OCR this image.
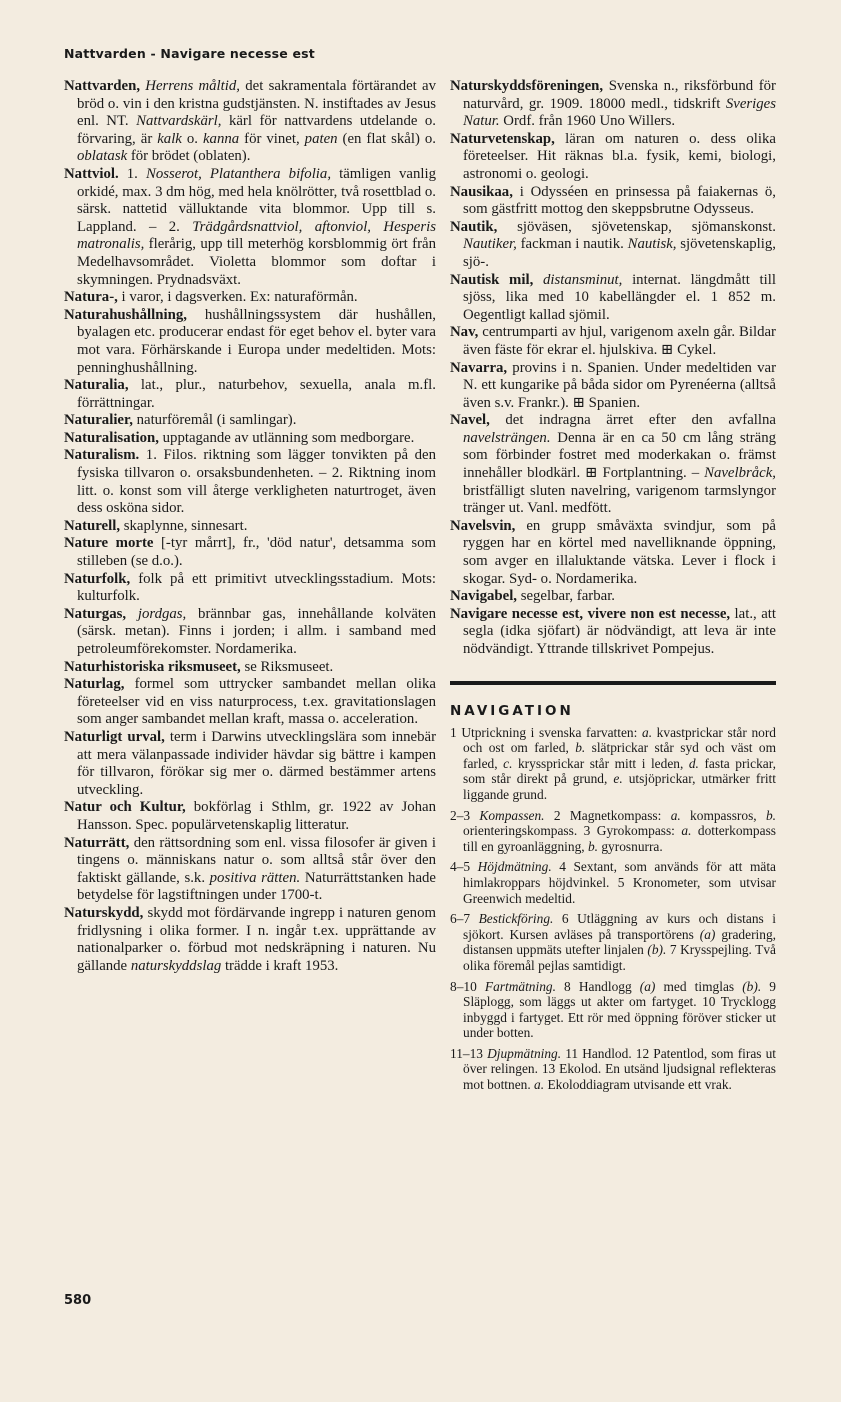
Nattvarden - Navigare necesse est
Nattvarden, Herrens måltid, det sakramentala förtärandet av bröd o. vin i den kristna gudstjänsten. N. instiftades av Jesus enl. NT. Nattvardskärl, kärl för nattvardens utdelande o. förvaring, är kalk o. kanna för vinet, paten (en flat skål) o. oblatask för brödet (oblaten).
Nattviol. 1. Nosserot, Platanthera bifolia, tämligen vanlig orkidé, max. 3 dm hög, med hela knölrötter, två rosettblad o. särsk. nattetid välluktande vita blommor. Upp till s. Lappland. – 2. Trädgårdsnattviol, aftonviol, Hesperis matronalis, flerårig, upp till meterhög korsblommig ört från Medelhavsområdet. Violetta blommor som doftar i skymningen. Prydnadsväxt.
Natura-, i varor, i dagsverken. Ex: naturaförmån.
Naturahushållning, hushållningssystem där hushållen, byalagen etc. producerar endast för eget behov el. byter vara mot vara. Förhärskande i Europa under medeltiden. Mots: penninghushållning.
Naturalia, lat., plur., naturbehov, sexuella, anala m.fl. förrättningar.
Naturalier, naturföremål (i samlingar).
Naturalisation, upptagande av utlänning som medborgare.
Naturalism. 1. Filos. riktning som lägger tonvikten på den fysiska tillvaron o. orsaksbundenheten. – 2. Riktning inom litt. o. konst som vill återge verkligheten naturtroget, även dess osköna sidor.
Naturell, skaplynne, sinnesart.
Nature morte [-tyr mårrt], fr., 'död natur', detsamma som stilleben (se d.o.).
Naturfolk, folk på ett primitivt utvecklingsstadium. Mots: kulturfolk.
Naturgas, jordgas, brännbar gas, innehållande kolväten (särsk. metan). Finns i jorden; i allm. i samband med petroleumförekomster. Nordamerika.
Naturhistoriska riksmuseet, se Riksmuseet.
Naturlag, formel som uttrycker sambandet mellan olika företeelser vid en viss naturprocess, t.ex. gravitationslagen som anger sambandet mellan kraft, massa o. acceleration.
Naturligt urval, term i Darwins utvecklingslära som innebär att mera välanpassade individer hävdar sig bättre i kampen för tillvaron, förökar sig mer o. därmed bestämmer artens utveckling.
Natur och Kultur, bokförlag i Sthlm, gr. 1922 av Johan Hansson. Spec. populärvetenskaplig litteratur.
Naturrätt, den rättsordning som enl. vissa filosofer är given i tingens o. människans natur o. som alltså står över den faktiskt gällande, s.k. positiva rätten. Naturrättstanken hade betydelse för lagstiftningen under 1700-t.
Naturskydd, skydd mot fördärvande ingrepp i naturen genom fridlysning i olika former. I n. ingår t.ex. upprättande av nationalparker o. förbud mot nedskräpning i naturen. Nu gällande naturskyddslag trädde i kraft 1953.
Naturskyddsföreningen, Svenska n., riksförbund för naturvård, gr. 1909. 18000 medl., tidskrift Sveriges Natur. Ordf. från 1960 Uno Willers.
Naturvetenskap, läran om naturen o. dess olika företeelser. Hit räknas bl.a. fysik, kemi, biologi, astronomi o. geologi.
Nausikaa, i Odysséen en prinsessa på faiakernas ö, som gästfritt mottog den skeppsbrutne Odysseus.
Nautik, sjöväsen, sjövetenskap, sjömanskonst. Nautiker, fackman i nautik. Nautisk, sjövetenskaplig, sjö-.
Nautisk mil, distansminut, internat. längdmått till sjöss, lika med 10 kabellängder el. 1 852 m. Oegentligt kallad sjömil.
Nav, centrumparti av hjul, varigenom axeln går. Bildar även fäste för ekrar el. hjulskiva. ⊞ Cykel.
Navarra, provins i n. Spanien. Under medeltiden var N. ett kungarike på båda sidor om Pyrenéerna (alltså även s.v. Frankr.). ⊞ Spanien.
Navel, det indragna ärret efter den avfallna navelsträngen. Denna är en ca 50 cm lång sträng som förbinder fostret med moderkakan o. främst innehåller blodkärl. ⊞ Fortplantning. – Navelbråck, bristfälligt sluten navelring, varigenom tarmslyngor tränger ut. Vanl. medfött.
Navelsvin, en grupp småväxta svindjur, som på ryggen har en körtel med navelliknande öppning, som avger en illaluktande vätska. Lever i flock i skogar. Syd- o. Nordamerika.
Navigabel, segelbar, farbar.
Navigare necesse est, vivere non est necesse, lat., att segla (idka sjöfart) är nödvändigt, att leva är inte nödvändigt. Yttrande tillskrivet Pompejus.
NAVIGATION
1 Utprickning i svenska farvatten: a. kvastprickar står nord och ost om farled, b. slätprickar står syd och väst om farled, c. kryssprickar står mitt i leden, d. fasta prickar, som står direkt på grund, e. utsjöprickar, utmärker fritt liggande grund.
2–3 Kompassen. 2 Magnetkompass: a. kompassros, b. orienteringskompass. 3 Gyrokompass: a. dotterkompass till en gyroanläggning, b. gyrosnurra.
4–5 Höjdmätning. 4 Sextant, som används för att mäta himlakroppars höjdvinkel. 5 Kronometer, som utvisar Greenwich medeltid.
6–7 Bestickföring. 6 Utläggning av kurs och distans i sjökort. Kursen avläses på transportörens (a) gradering, distansen uppmäts utefter linjalen (b). 7 Krysspejling. Två olika föremål pejlas samtidigt.
8–10 Fartmätning. 8 Handlogg (a) med timglas (b). 9 Släplogg, som läggs ut akter om fartyget. 10 Trycklogg inbyggd i fartyget. Ett rör med öppning föröver sticker ut under botten.
11–13 Djupmätning. 11 Handlod. 12 Patentlod, som firas ut över relingen. 13 Ekolod. En utsänd ljudsignal reflekteras mot bottnen. a. Ekoloddiagram utvisande ett vrak.
580
